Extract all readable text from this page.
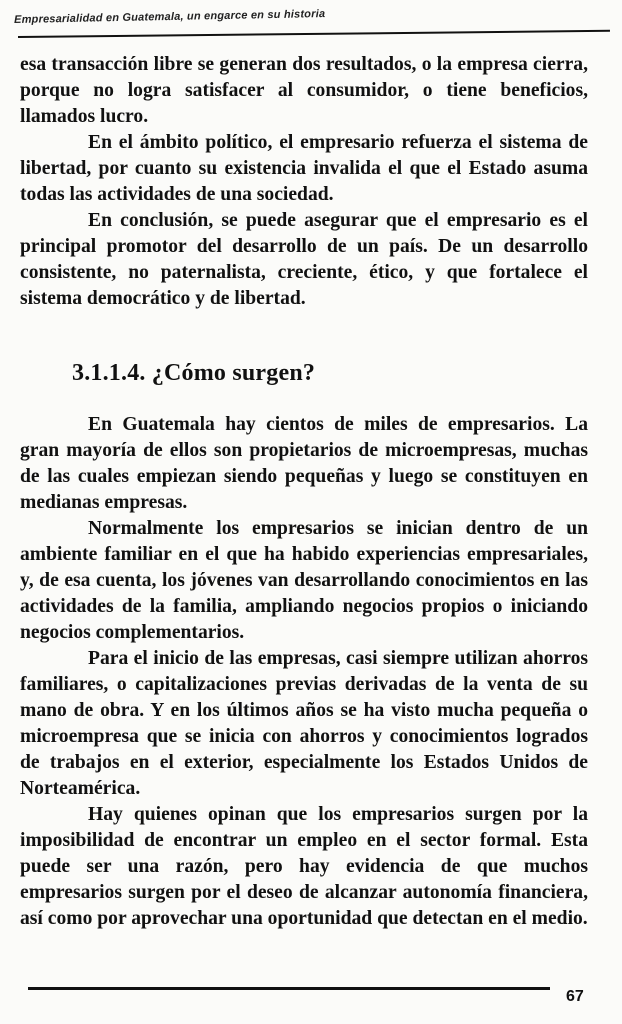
Empresarialidad en Guatemala, un engarce en su historia

esa transacción libre se generan dos resultados, o la empresa cierra, porque no logra satisfacer al consumidor, o tiene beneficios, llamados lucro.

En el ámbito político, el empresario refuerza el sistema de libertad, por cuanto su existencia invalida el que el Estado asuma todas las actividades de una sociedad.

En conclusión, se puede asegurar que el empresario es el principal promotor del desarrollo de un país. De un desarrollo consistente, no paternalista, creciente, ético, y que fortalece el sistema democrático y de libertad.

3.1.1.4. ¿Cómo surgen?

En Guatemala hay cientos de miles de empresarios. La gran mayoría de ellos son propietarios de microempresas, muchas de las cuales empiezan siendo pequeñas y luego se constituyen en medianas empresas.

Normalmente los empresarios se inician dentro de un ambiente familiar en el que ha habido experiencias empresariales, y, de esa cuenta, los jóvenes van desarrollando conocimientos en las actividades de la familia, ampliando negocios propios o iniciando negocios complementarios.

Para el inicio de las empresas, casi siempre utilizan ahorros familiares, o capitalizaciones previas derivadas de la venta de su mano de obra. Y en los últimos años se ha visto mucha pequeña o microempresa que se inicia con ahorros y conocimientos logrados de trabajos en el exterior, especialmente los Estados Unidos de Norteamérica.

Hay quienes opinan que los empresarios surgen por la imposibilidad de encontrar un empleo en el sector formal. Esta puede ser una razón, pero hay evidencia de que muchos empresarios surgen por el deseo de alcanzar autonomía financiera, así como por aprovechar una oportunidad que detectan en el medio.

67
